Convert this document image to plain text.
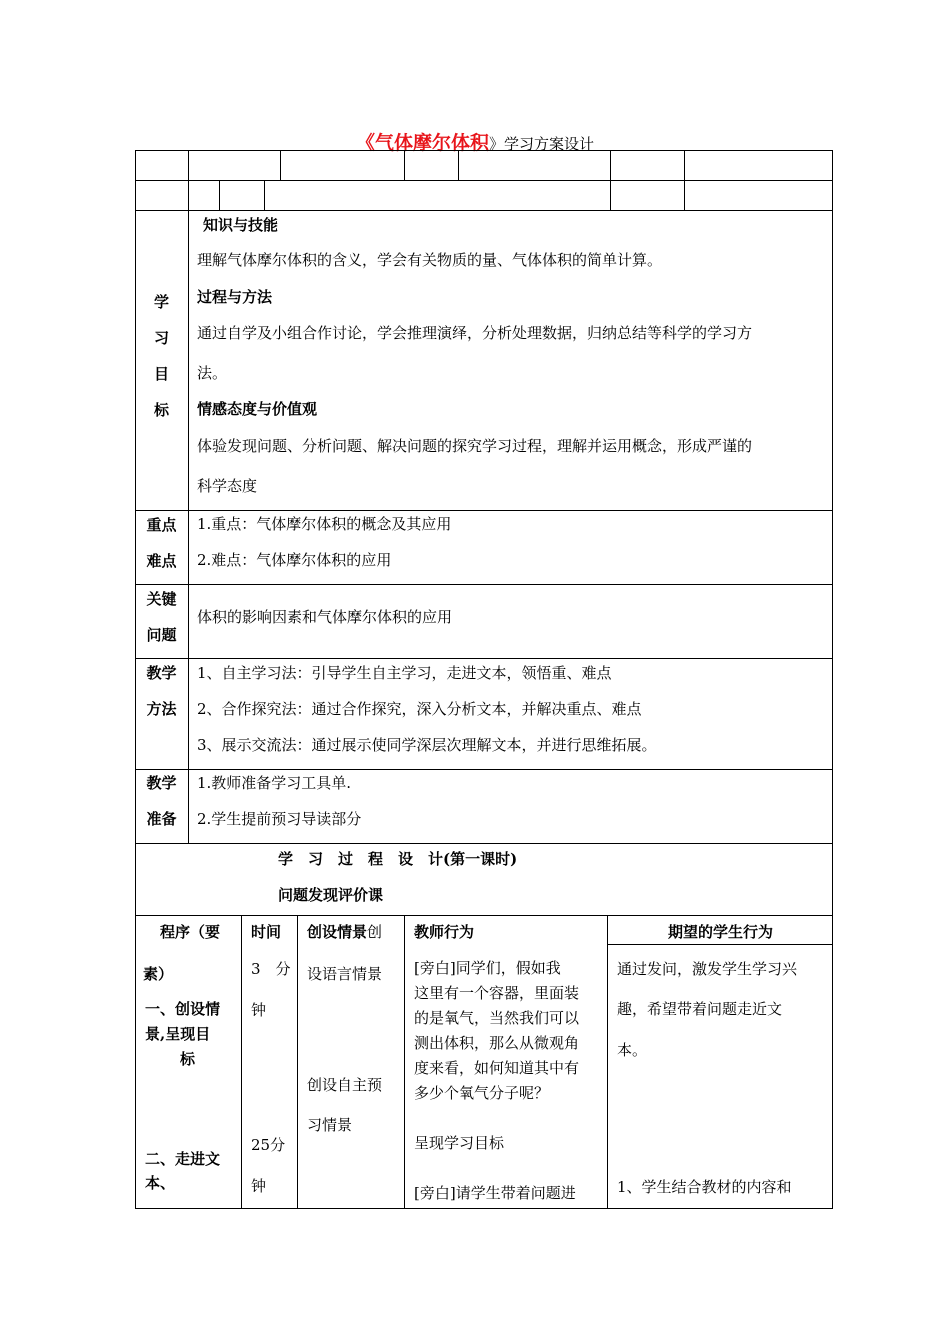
《气体摩尔体积》学习方案设计
学
习
目
标
知识与技能
理解气体摩尔体积的含义，学会有关物质的量、气体体积的简单计算。
过程与方法
通过自学及小组合作讨论，学会推理演绎，分析处理数据，归纳总结等科学的学习方
法。
情感态度与价值观
体验发现问题、分析问题、解决问题的探究学习过程，理解并运用概念，形成严谨的
科学态度
重点
难点
1.重点：气体摩尔体积的概念及其应用
2.难点：气体摩尔体积的应用
关键
问题
体积的影响因素和气体摩尔体积的应用
教学
方法
1、自主学习法：引导学生自主学习，走进文本，领悟重、难点
2、合作探究法：通过合作探究，深入分析文本，并解决重点、难点
3、展示交流法：通过展示使同学深层次理解文本，并进行思维拓展。
教学
准备
1.教师准备学习工具单.
2.学生提前预习导读部分
学　习　过　程　设　计(第一课时)
问题发现评价课
程序（要 时间 创设情景创 教师行为	期望的学生行为
素）
一、创设情
景,呈现目
标
二、走进文
本、
3　分
钟
25分
钟
设语言情景
创设自主预
习情景
[旁白]同学们，假如我
这里有一个容器，里面装
的是氧气，当然我们可以
测出体积，那么从微观角
度来看，如何知道其中有
多少个氧气分子呢？
呈现学习目标
[旁白]请学生带着问题进
通过发问，激发学生学习兴
趣，希望带着问题走近文
本。
1、学生结合教材的内容和
